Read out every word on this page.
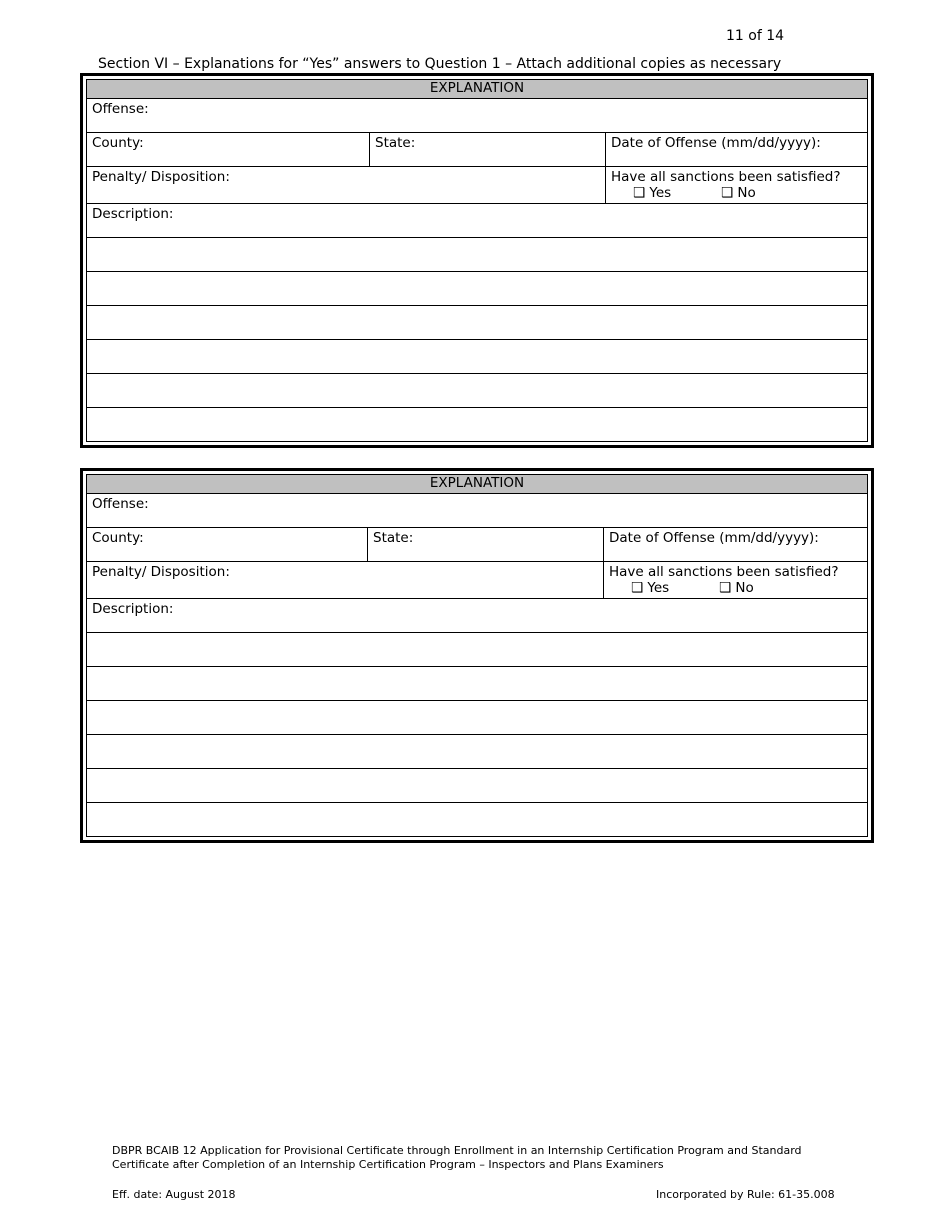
11 of 14
Section VI – Explanations for “Yes” answers to Question 1 – Attach additional copies as necessary
EXPLANATION		
Offense:		
County:	State:	Date of Offense (mm/dd/yyyy):
Penalty/ Disposition:		Have all sanctions been satisfied?
❑ Yes ❑ No

Description:		

EXPLANATION		
Offense:		
County:	State:	Date of Offense (mm/dd/yyyy):
Penalty/ Disposition:		Have all sanctions been satisfied?
❑ Yes ❑ No

Description:		

DBPR BCAIB 12 Application for Provisional Certificate through Enrollment in an Internship Certification Program and Standard
Certificate after Completion of an Internship Certification Program – Inspectors and Plans Examiners
Eff. date: August 2018	Incorporated by Rule: 61-35.008
